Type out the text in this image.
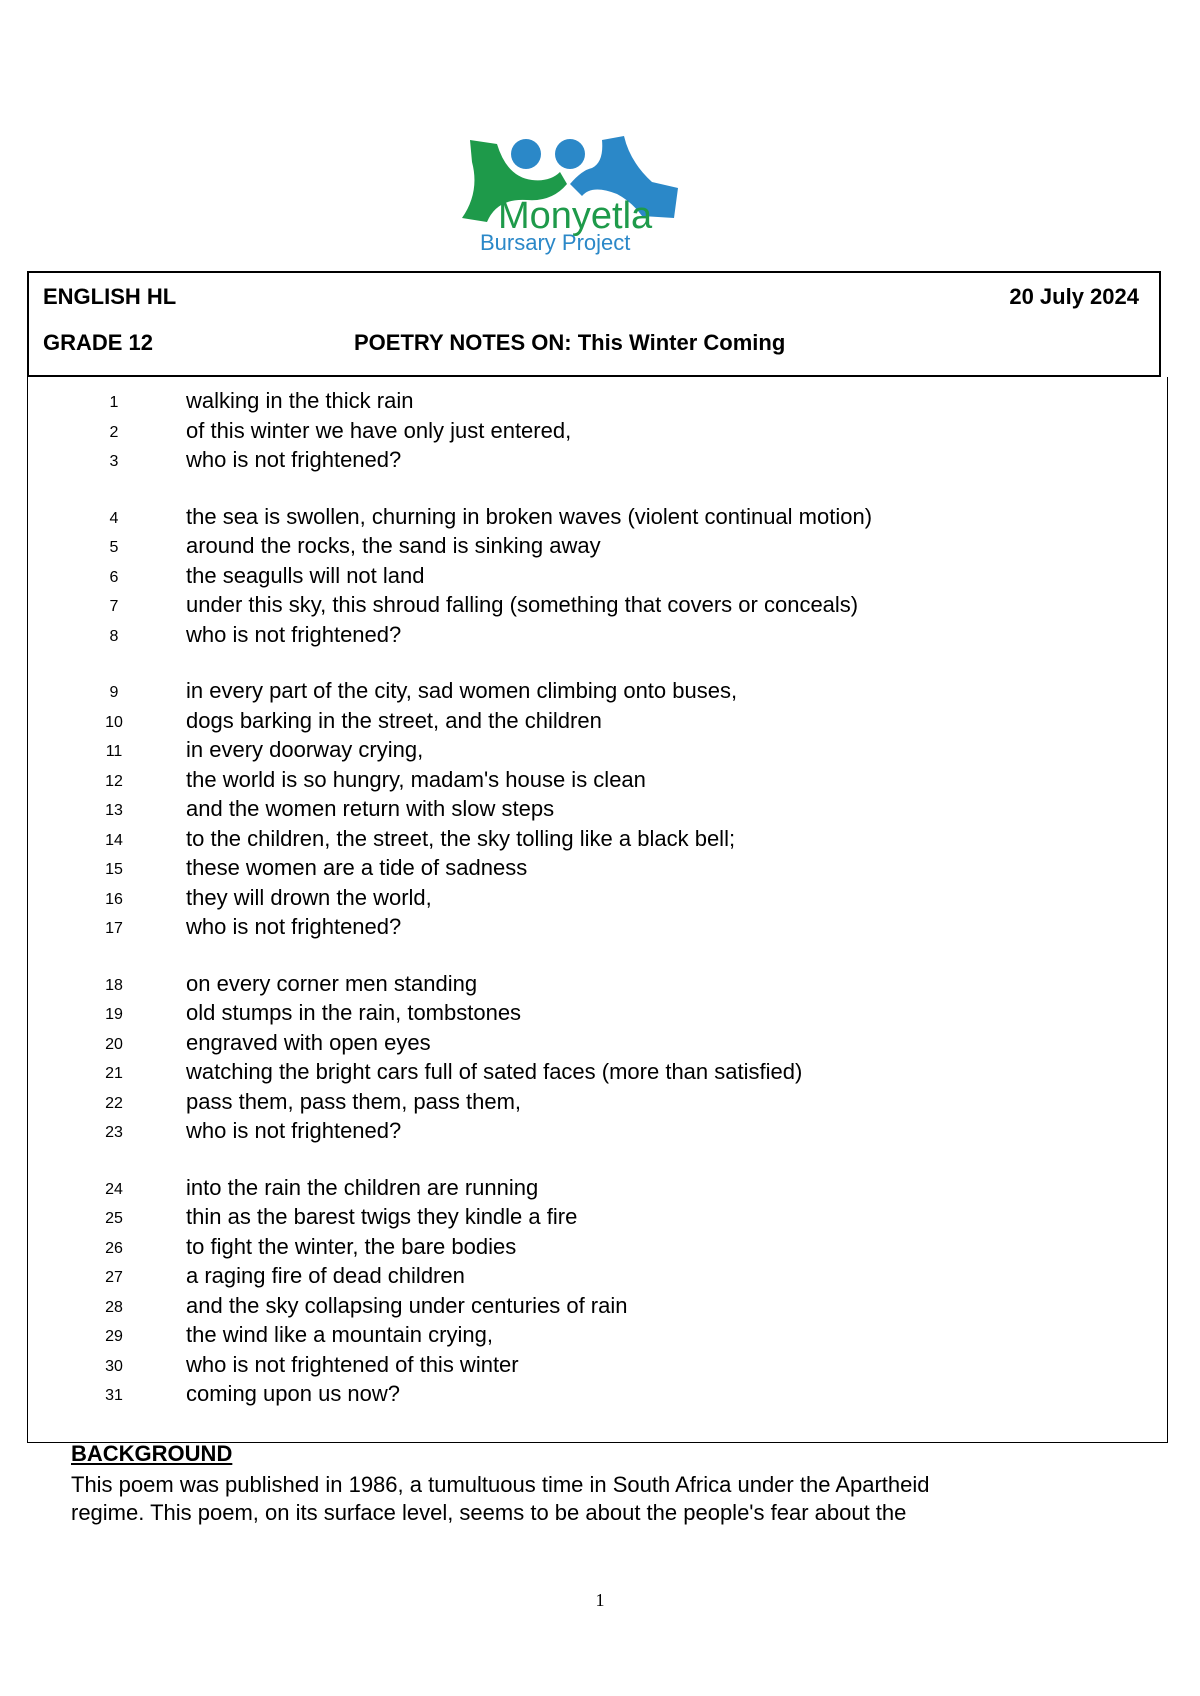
Monyetla
Bursary Project
ENGLISH HL	20 July 2024
GRADE 12	POETRY NOTES ON: This Winter Coming
1	walking in the thick rain
2	of this winter we have only just entered,
3	who is not frightened?
4	the sea is swollen, churning in broken waves (violent continual motion)
5	around the rocks, the sand is sinking away
6	the seagulls will not land
7	under this sky, this shroud falling (something that covers or conceals)
8	who is not frightened?
9	in every part of the city, sad women climbing onto buses,
10	dogs barking in the street, and the children
11	in every doorway crying,
12	the world is so hungry, madam's house is clean
13	and the women return with slow steps
14	to the children, the street, the sky tolling like a black bell;
15	these women are a tide of sadness
16	they will drown the world,
17	who is not frightened?
18	on every corner men standing
19	old stumps in the rain, tombstones
20	engraved with open eyes
21	watching the bright cars full of sated faces (more than satisfied)
22	pass them, pass them, pass them,
23	who is not frightened?
24	into the rain the children are running
25	thin as the barest twigs they kindle a fire
26	to fight the winter, the bare bodies
27	a raging fire of dead children
28	and the sky collapsing under centuries of rain
29	the wind like a mountain crying,
30	who is not frightened of this winter
31	coming upon us now?
BACKGROUND
This poem was published in 1986, a tumultuous time in South Africa under the Apartheid
regime. This poem, on its surface level, seems to be about the people's fear about the
1
